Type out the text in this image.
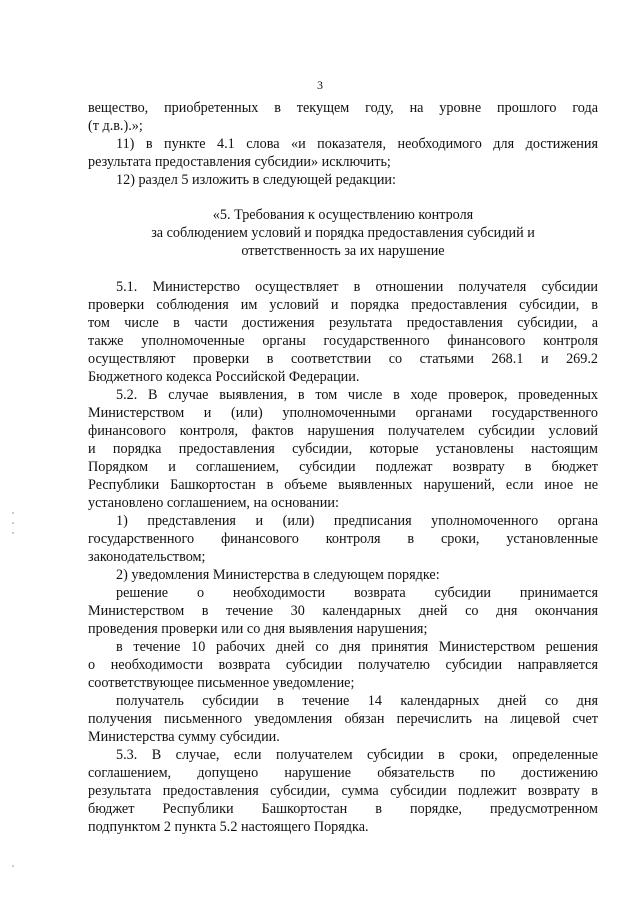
3
вещество, приобретенных в текущем году, на уровне прошлого года
(т д.в.).»;
11) в пункте 4.1 слова «и показателя, необходимого для достижения
результата предоставления субсидии» исключить;
12) раздел 5 изложить в следующей редакции:
«5. Требования к осуществлению контроля
за соблюдением условий и порядка предоставления субсидий и
ответственность за их нарушение
5.1. Министерство осуществляет в отношении получателя субсидии
проверки соблюдения им условий и порядка предоставления субсидии, в
том числе в части достижения результата предоставления субсидии, а
также уполномоченные органы государственного финансового контроля
осуществляют проверки в соответствии со статьями 268.1 и 269.2
Бюджетного кодекса Российской Федерации.
5.2. В случае выявления, в том числе в ходе проверок, проведенных
Министерством и (или) уполномоченными органами государственного
финансового контроля, фактов нарушения получателем субсидии условий
и порядка предоставления субсидии, которые установлены настоящим
Порядком и соглашением, субсидии подлежат возврату в бюджет
Республики Башкортостан в объеме выявленных нарушений, если иное не
установлено соглашением, на основании:
1) представления и (или) предписания уполномоченного органа
государственного финансового контроля в сроки, установленные
законодательством;
2) уведомления Министерства в следующем порядке:
решение о необходимости возврата субсидии принимается
Министерством в течение 30 календарных дней со дня окончания
проведения проверки или со дня выявления нарушения;
в течение 10 рабочих дней со дня принятия Министерством решения
о необходимости возврата субсидии получателю субсидии направляется
соответствующее письменное уведомление;
получатель субсидии в течение 14 календарных дней со дня
получения письменного уведомления обязан перечислить на лицевой счет
Министерства сумму субсидии.
5.3. В случае, если получателем субсидии в сроки, определенные
соглашением, допущено нарушение обязательств по достижению
результата предоставления субсидии, сумма субсидии подлежит возврату в
бюджет Республики Башкортостан в порядке, предусмотренном
подпунктом 2 пункта 5.2 настоящего Порядка.
